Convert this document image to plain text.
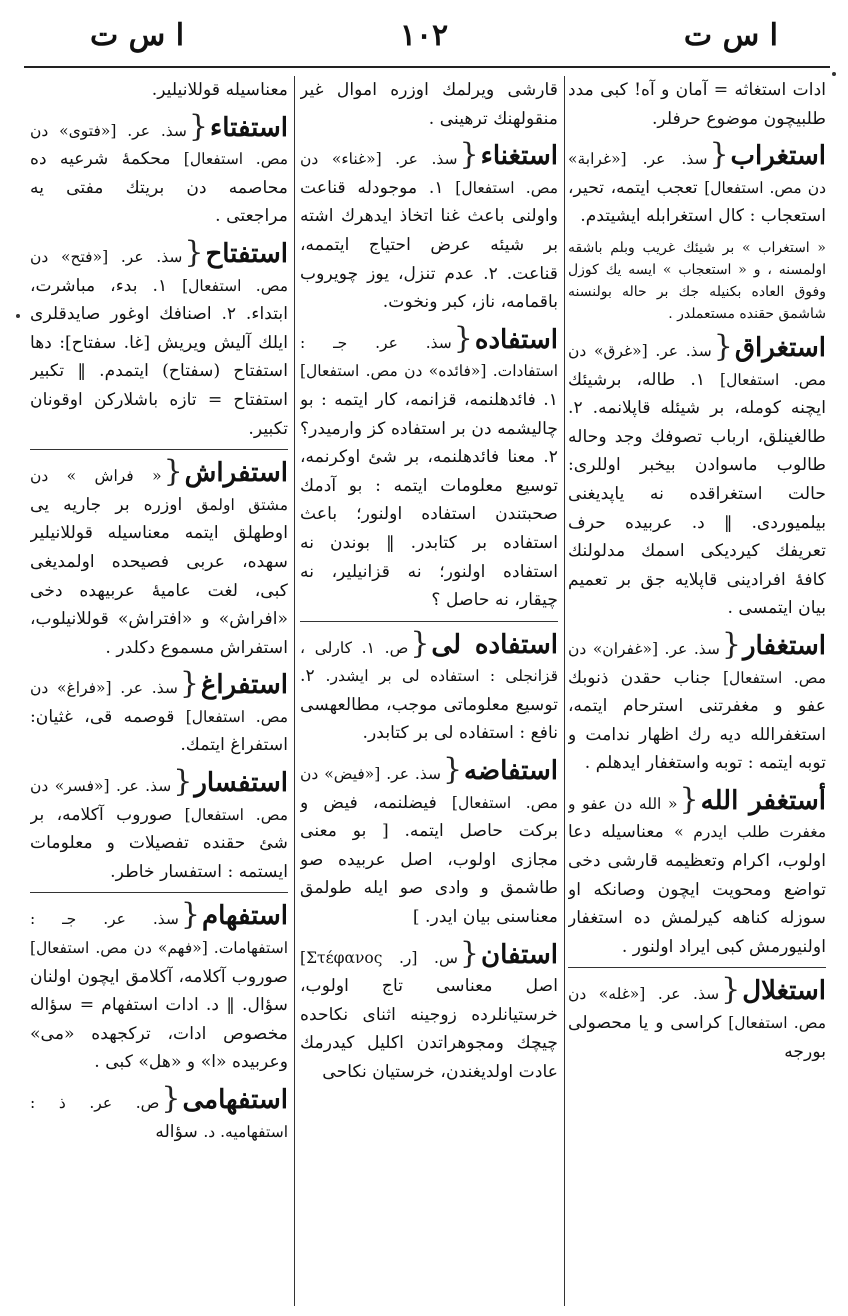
ا س ت
١٠٢
ا س ت
ادات استغاثه = آمان و آه! كبى مدد طلبيچون موضوع حرفلر.
استغراب{سذ. عر. [«غرابة» دن مص. استفعال] تعجب ايتمه، تحير، استعجاب : كال استغرابله ايشيتدم.
« استغراب » بر شيئك غريب وبلم باشقه اولمسنه ، و « استعجاب » ايسه يك كوزل وفوق العاده بكنيله جك بر حاله بولنسنه شاشمق حقنده مستعملدر .
استغراق{سذ. عر. [«غرق» دن مص. استفعال] ١. طاله، برشيئك ايچنه كومله، بر شيئله قاپلانمه. ٢. طالغينلق، ارباب تصوفك وجد وحاله طالوب ماسوادن بيخبر اوللرى: حالت استغراقده نه ياپديغنى بيلميوردى. ‖ د. عربيده حرف تعريفك كيرديكى اسمك مدلولنك كافۀ افرادينى قاپلايه جق بر تعميم بيان ايتمسى .
استغفار{سذ. عر. [«غفران» دن مص. استفعال] جناب حقدن ذنوبك عفو و مغفرتنى استرحام ايتمه، استغفرالله ديه رك اظهار ندامت و توبه ايتمه : توبه واستغفار ايدهلم .
أستغفر الله{« الله دن عفو و مغفرت طلب ايدرم » معناسيله دعا اولوب، اكرام وتعظيمه قارشى دخى تواضع ومحويت ايچون وصانكه او سوزله كناهه كيرلمش ده استغفار اولنيورمش كبى ايراد اولنور .
استغلال{سذ. عر. [«غله» دن مص. استفعال] كراسى و يا محصولى بورجه
قارشى ويرلمك اوزره اموال غير منقولهنك ترهينى .
استغناء{سذ. عر. [«غناء» دن مص. استفعال] ١. موجودله قناعت واولنى باعث غنا اتخاذ ايدهرك اشته بر شيئه عرض احتياج ايتممه، قناعت. ٢. عدم تنزل، يوز چويروب باقمامه، ناز، كبر ونخوت.
استفاده{سذ. عر. جـ : استفادات. [«فائده» دن مص. استفعال] ١. فائدهلنمه، قزانمه، كار ايتمه : بو چاليشمه دن بر استفاده كز وارميدر؟ ٢. معنا فائدهلنمه، بر شئ اوكرنمه، توسيع معلومات ايتمه : بو آدمك صحبتندن استفاده اولنور؛ باعث استفاده بر كتابدر. ‖ بوندن نه استفاده اولنور؛ نه قزانيلير، نه چيقار، نه حاصل ؟
استفاده لى{ص. ١. كارلى ، قزانجلى : استفاده لى بر ايشدر. ٢. توسيع معلوماتى موجب، مطالعهسى نافع : استفاده لى بر كتابدر.
استفاضه{سذ. عر. [«فيض» دن مص. استفعال] فيضلنمه، فيض و بركت حاصل ايتمه. [ بو معنى مجازى اولوب، اصل عربيده صو طاشمق و وادى صو ايله طولمق معناسنى بيان ايدر. ]
استفان{س. [ر. Στέφανος] اصل معناسى تاج اولوب، خرستيانلرده زوجينه اثناى نكاحده چيچك ومجوهراتدن اكليل كيدرمك عادت اولديغندن، خرستيان نكاحى
معناسيله قوللانيلير.
استفتاء{سذ. عر. [«فتوى» دن مص. استفعال] محكمۀ شرعيه ده محاصمه دن بريتك مفتى يه مراجعتى .
استفتاح{سذ. عر. [«فتح» دن مص. استفعال] ١. بدء، مباشرت، ابتداء. ٢. اصنافك اوغور صايدقلرى ايلك آليش ويريش [غا. سفتاح]: دها استفتاح (سفتاح) ايتمدم. ‖ تكبير استفتاح = تازه باشلارکن اوقونان تکبير.
استفراش{« فراش » دن مشتق اولمق اوزره بر جاريه يى اوطهلق ايتمه معناسيله قوللانيلير سهده، عربى فصيحده اولمديغى كبى، لغت عاميۀ عربيهده دخى «افراش» و «افتراش» قوللانيلوب، استفراش مسموع دکلدر .
استفراغ{سذ. عر. [«فراغ» دن مص. استفعال] قوصمه قى، غثيان: استفراغ ايتمك.
استفسار{سذ. عر. [«فسر» دن مص. استفعال] صوروب آكلامه، بر شئ حقنده تفصيلات و معلومات ايستمه : استفسار خاطر.
استفهام{سذ. عر. جـ : استفهامات. [«فهم» دن مص. استفعال] صوروب آكلامه، آكلامق ايچون اولنان سؤال. ‖ د. ادات استفهام = سؤاله مخصوص ادات، تركجهده «مى» وعربيده «ا» و «هل» كبى .
استفهامى{ص. عر. ذ : استفهاميه. د. سؤاله
